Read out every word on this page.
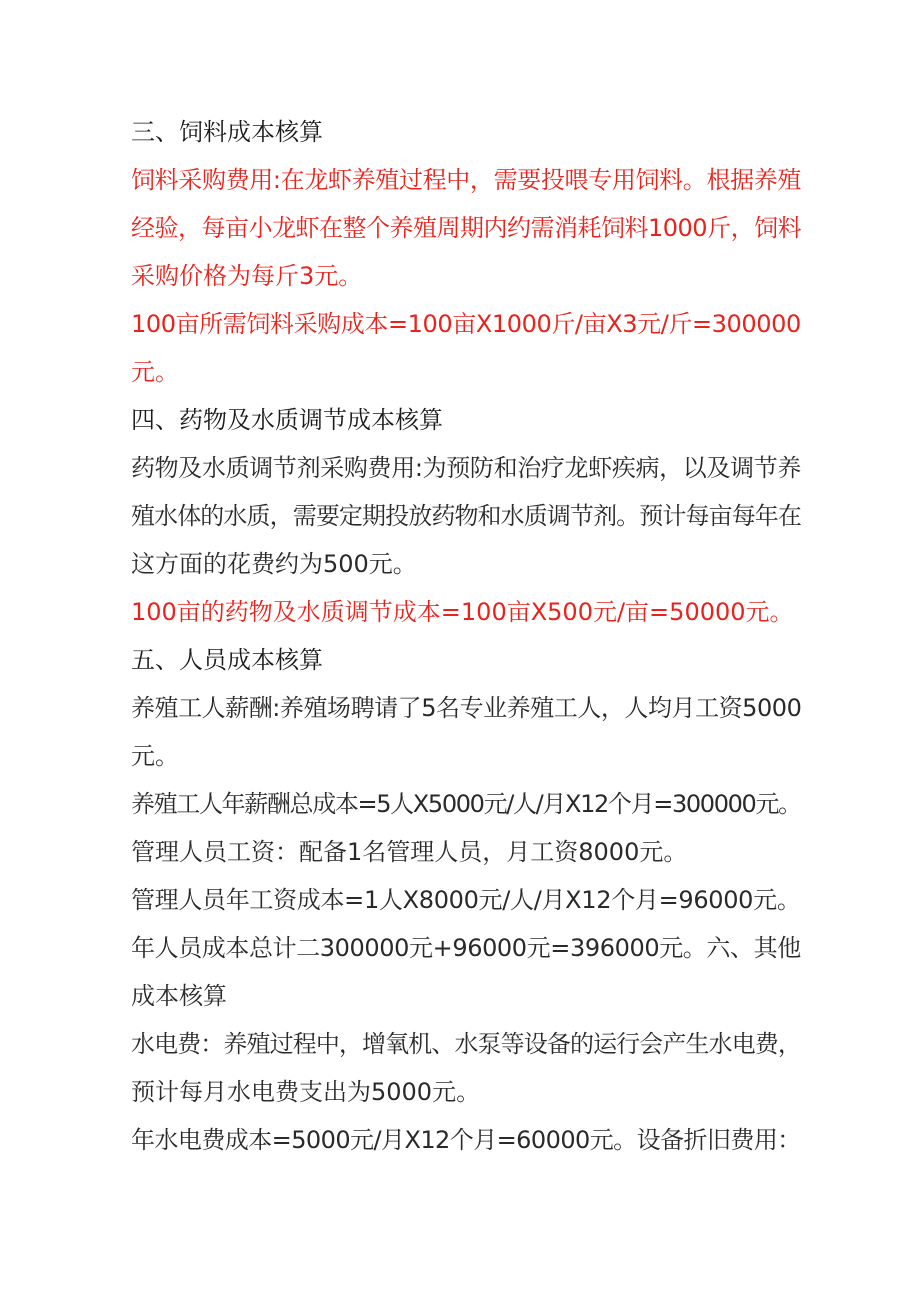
三、饲料成本核算

饲料采购费用:在龙虾养殖过程中，需要投喂专用饲料。根据养殖

经验，每亩小龙虾在整个养殖周期内约需消耗饲料1000斤，饲料

采购价格为每斤3元。

100亩所需饲料采购成本=100亩X1000斤/亩X3元/斤=300000

元。

四、药物及水质调节成本核算

药物及水质调节剂采购费用:为预防和治疗龙虾疾病，以及调节养

殖水体的水质，需要定期投放药物和水质调节剂。预计每亩每年在

这方面的花费约为500元。

100亩的药物及水质调节成本=100亩X500元/亩=50000元。

五、人员成本核算

养殖工人薪酬:养殖场聘请了5名专业养殖工人，人均月工资5000

元。

养殖工人年薪酬总成本=5人X5000元/人/月X12个月=300000元。

管理人员工资：配备1名管理人员，月工资8000元。

管理人员年工资成本=1人X8000元/人/月X12个月=96000元。

年人员成本总计二300000元+96000元=396000元。六、其他

成本核算

水电费：养殖过程中，增氧机、水泵等设备的运行会产生水电费，

预计每月水电费支出为5000元。

年水电费成本=5000元/月X12个月=60000元。设备折旧费用：
